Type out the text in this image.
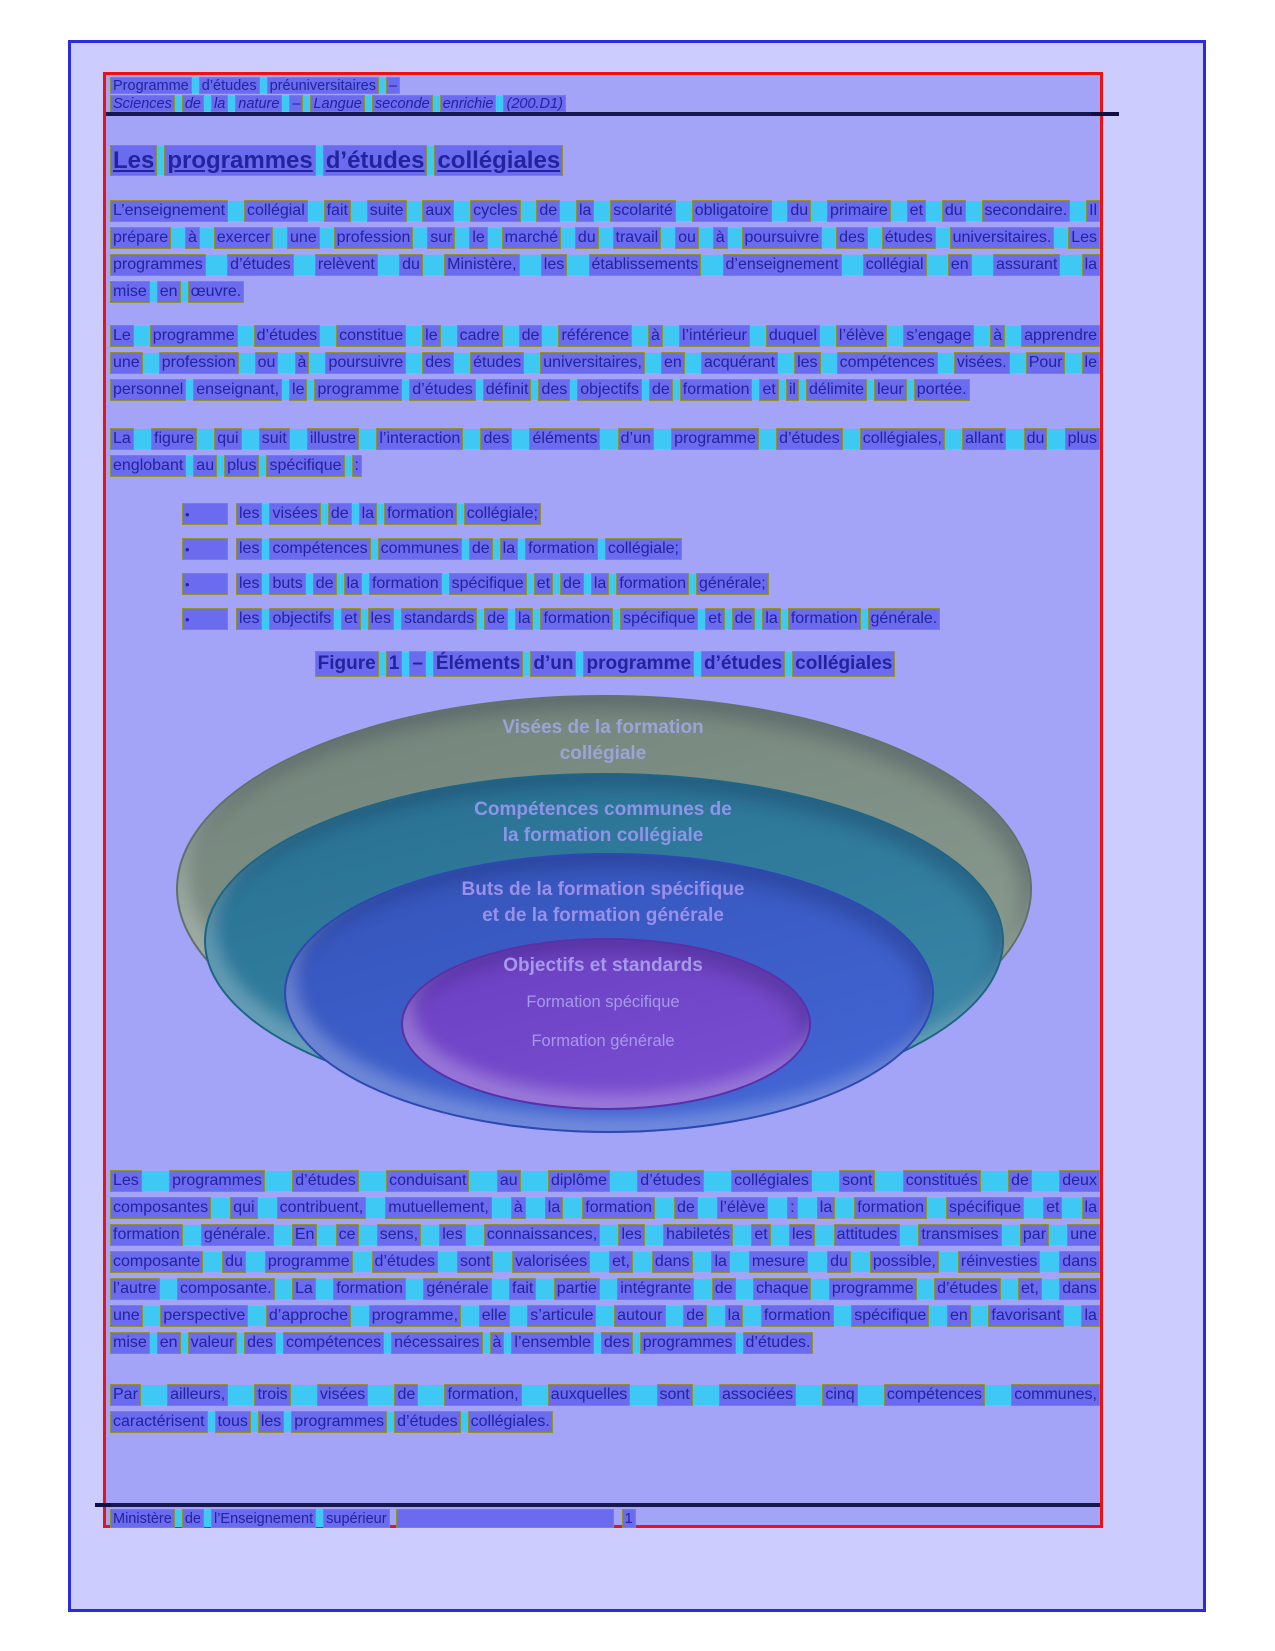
Programme d’études préuniversitaires –
Sciences de la nature – Langue seconde enrichie (200.D1)
Les programmes d’études collégiales
L’enseignement collégial fait suite aux cycles de la scolarité obligatoire du primaire et du secondaire. Il
prépare à exercer une profession sur le marché du travail ou à poursuivre des études universitaires. Les
programmes d’études relèvent du Ministère, les établissements d’enseignement collégial en assurant la
mise en œuvre.
Le programme d’études constitue le cadre de référence à l’intérieur duquel l’élève s’engage à apprendre
une profession ou à poursuivre des études universitaires, en acquérant les compétences visées. Pour le
personnel enseignant, le programme d’études définit des objectifs de formation et il délimite leur portée.
La figure qui suit illustre l’interaction des éléments d’un programme d’études collégiales, allant du plus
englobant au plus spécifique :
•	les visées de la formation collégiale;
•	les compétences communes de la formation collégiale;
•	les buts de la formation spécifique et de la formation générale;
•	les objectifs et les standards de la formation spécifique et de la formation générale.
Figure 1 – Éléments d’un programme d’études collégiales
Visées de la formation
collégiale
Compétences communes de
la formation collégiale
Buts de la formation spécifique
et de la formation générale
Objectifs et standards
Formation spécifique
Formation générale
Les programmes d’études conduisant au diplôme d’études collégiales sont constitués de deux
composantes qui contribuent, mutuellement, à la formation de l’élève : la formation spécifique et la
formation générale. En ce sens, les connaissances, les habiletés et les attitudes transmises par une
composante du programme d’études sont valorisées et, dans la mesure du possible, réinvesties dans
l’autre composante. La formation générale fait partie intégrante de chaque programme d’études et, dans
une perspective d’approche programme, elle s’articule autour de la formation spécifique en favorisant la
mise en valeur des compétences nécessaires à l’ensemble des programmes d’études.
Par ailleurs, trois visées de formation, auxquelles sont associées cinq compétences communes,
caractérisent tous les programmes d’études collégiales.
Ministère de l’Enseignement supérieur	1
